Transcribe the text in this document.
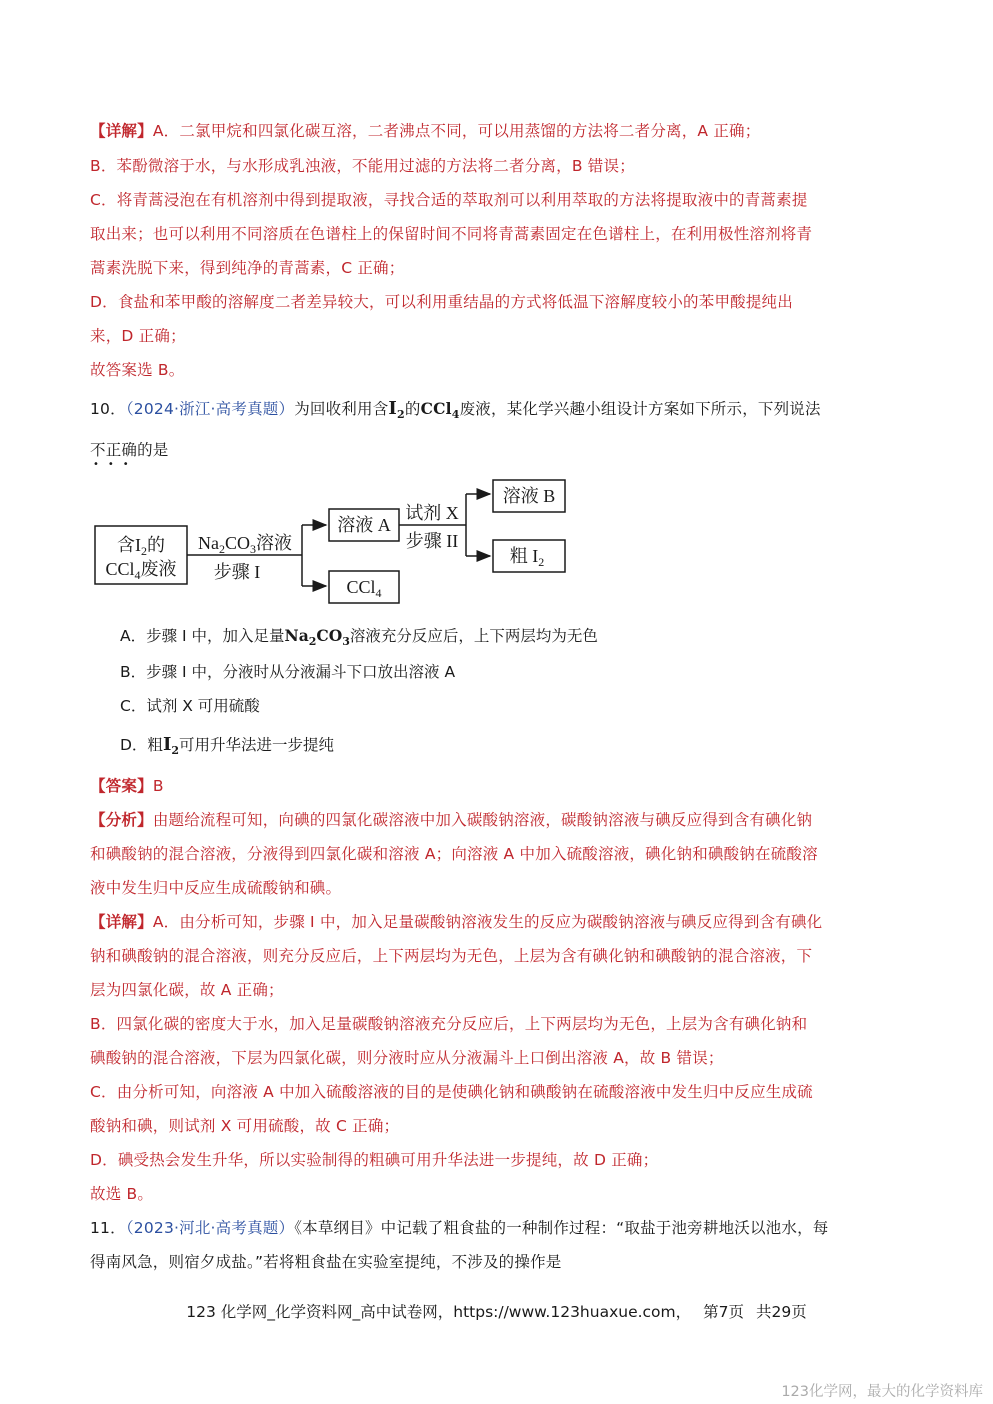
【详解】A．二氯甲烷和四氯化碳互溶，二者沸点不同，可以用蒸馏的方法将二者分离，A 正确；
B．苯酚微溶于水，与水形成乳浊液，不能用过滤的方法将二者分离，B 错误；
C．将青蒿浸泡在有机溶剂中得到提取液，寻找合适的萃取剂可以利用萃取的方法将提取液中的青蒿素提
取出来；也可以利用不同溶质在色谱柱上的保留时间不同将青蒿素固定在色谱柱上，在利用极性溶剂将青
蒿素洗脱下来，得到纯净的青蒿素，C 正确；
D．食盐和苯甲酸的溶解度二者差异较大，可以利用重结晶的方式将低温下溶解度较小的苯甲酸提纯出
来，D 正确；
故答案选 B。
10．（2024·浙江·高考真题）为回收利用含$I_2$的CCl$_4$废液，某化学兴趣小组设计方案如下所示，下列说法
不正确的是
•••
含$I_2$的
CCl$_4$废液
$Na_2CO_3$溶液
步骤 I
溶液 A
CCl$_4$
试剂 X
步骤 II
溶液 B
粗 $I_2$
A．步骤 I 中，加入足量$Na_2CO_3$溶液充分反应后，上下两层均为无色
B．步骤 I 中，分液时从分液漏斗下口放出溶液 A
C．试剂 X 可用硫酸
D．粗$I_2$可用升华法进一步提纯
【答案】B
【分析】由题给流程可知，向碘的四氯化碳溶液中加入碳酸钠溶液，碳酸钠溶液与碘反应得到含有碘化钠
和碘酸钠的混合溶液，分液得到四氯化碳和溶液 A；向溶液 A 中加入硫酸溶液，碘化钠和碘酸钠在硫酸溶
液中发生归中反应生成硫酸钠和碘。
【详解】A．由分析可知，步骤 I 中，加入足量碳酸钠溶液发生的反应为碳酸钠溶液与碘反应得到含有碘化
钠和碘酸钠的混合溶液，则充分反应后，上下两层均为无色，上层为含有碘化钠和碘酸钠的混合溶液，下
层为四氯化碳，故 A 正确；
B．四氯化碳的密度大于水，加入足量碳酸钠溶液充分反应后，上下两层均为无色，上层为含有碘化钠和
碘酸钠的混合溶液，下层为四氯化碳，则分液时应从分液漏斗上口倒出溶液 A，故 B 错误；
C．由分析可知，向溶液 A 中加入硫酸溶液的目的是使碘化钠和碘酸钠在硫酸溶液中发生归中反应生成硫
酸钠和碘，则试剂 X 可用硫酸，故 C 正确；
D．碘受热会发生升华，所以实验制得的粗碘可用升华法进一步提纯，故 D 正确；
故选 B。
11．（2023·河北·高考真题）《本草纲目》中记载了粗食盐的一种制作过程：“取盐于池旁耕地沃以池水，每
得南风急，则宿夕成盐。”若将粗食盐在实验室提纯，不涉及的操作是
123 化学网_化学资料网_高中试卷网，https://www.123huaxue.com， 第7页 共29页
123化学网，最大的化学资料库
